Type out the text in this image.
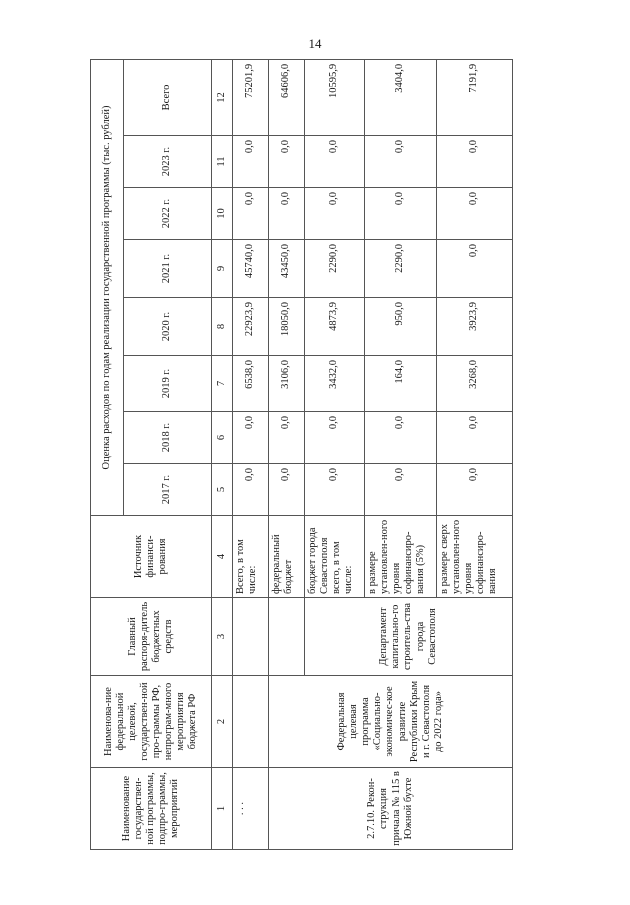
14
Наименование государствен-ной программы, подпро-граммы, мероприятий	Наименова-ние федеральной целевой, государствен-ной про-граммы РФ, непрограм-много мероприятия бюджета РФ	Главный распоря-дитель бюджетных средств	Источник финанси-рования	Оценка расходов по годам реализации государственной программы (тыс. рублей)							
				2017 г.	2018 г.	2019 г.	2020 г.	2021 г.	2022 г.	2023 г.	Всего
1	2	3	4	5	6	7	8	9	10	11	12
. . .			Всего, в том числе:	0,0	0,0	6538,0	22923,9	45740,0	0,0	0,0	75201,9
2.7.10. Рекон-струкция причала № 115 в Южной бухте	Федеральная целевая программа «Социально-экономичес-кое развитие Республики Крым и г. Севастополя до 2022 года»		федеральный бюджет	0,0	0,0	3106,0	18050,0	43450,0	0,0	0,0	64606,0
		Департамент капитально-го строитель-ства города Севастополя	бюджет города Севастополя всего, в том числе:	0,0	0,0	3432,0	4873,9	2290,0	0,0	0,0	10595,9
			в размере установлен-ного уровня софинансиро-вания (5%)	0,0	0,0	164,0	950,0	2290,0	0,0	0,0	3404,0
			в размере сверх установлен-ного уровня софинансиро-вания	0,0	0,0	3268,0	3923,9	0,0	0,0	0,0	7191,9
